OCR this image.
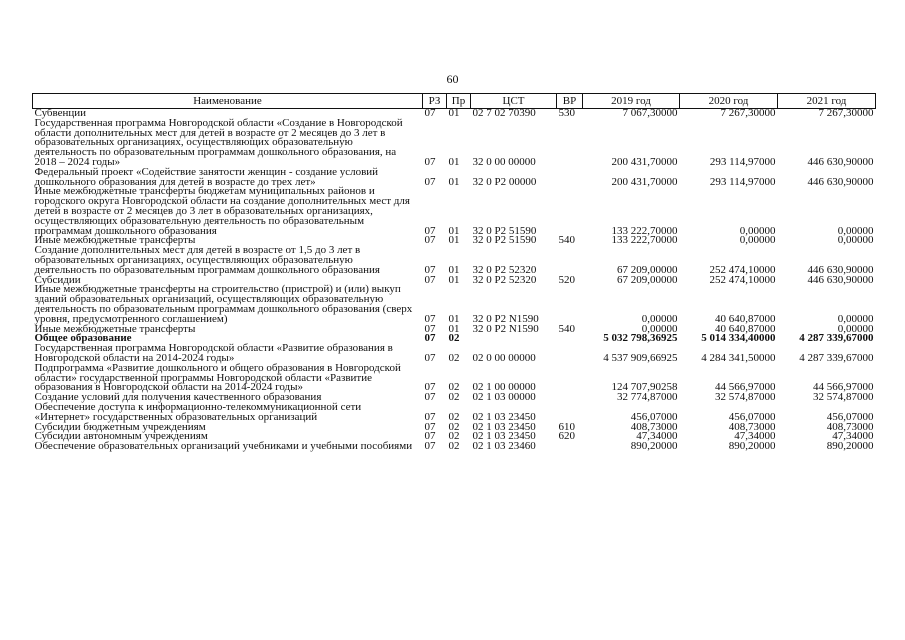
60
Наименование	РЗ	Пр	ЦСТ	ВР	2019 год	2020 год	2021 год
Субвенции	07	01	02 7 02 70390	530	7 067,30000	7 267,30000	7 267,30000
Государственная программа Новгородской области «Создание в Новгородской области дополнительных мест для детей в возрасте от 2 месяцев до 3 лет в образовательных организациях, осуществляющих образовательную деятельность по образовательным программам дошкольного образования, на 2018 – 2024 годы»	07	01	32 0 00 00000		200 431,70000	293 114,97000	446 630,90000
Федеральный проект «Содействие занятости женщин - создание условий дошкольного образования для детей в возрасте до трех лет»	07	01	32 0 P2 00000		200 431,70000	293 114,97000	446 630,90000
Иные межбюджетные трансферты бюджетам муниципальных районов и городского округа Новгородской области на создание дополнительных мест для детей в возрасте от 2 месяцев до 3 лет в образовательных организациях, осуществляющих образовательную деятельность по образовательным программам дошкольного образования	07	01	32 0 P2 51590		133 222,70000	0,00000	0,00000
Иные межбюджетные трансферты	07	01	32 0 P2 51590	540	133 222,70000	0,00000	0,00000
Создание дополнительных мест для детей в возрасте от 1,5 до 3 лет в образовательных организациях, осуществляющих образовательную деятельность по образовательным программам дошкольного образования	07	01	32 0 P2 52320		67 209,00000	252 474,10000	446 630,90000
Субсидии	07	01	32 0 P2 52320	520	67 209,00000	252 474,10000	446 630,90000
Иные межбюджетные трансферты на строительство (пристрой) и (или) выкуп зданий образовательных организаций, осуществляющих образовательную деятельность по образовательным программам дошкольного образования (сверх уровня, предусмотренного соглашением)	07	01	32 0 P2 N1590		0,00000	40 640,87000	0,00000
Иные межбюджетные трансферты	07	01	32 0 P2 N1590	540	0,00000	40 640,87000	0,00000
Общее образование	07	02			5 032 798,36925	5 014 334,40000	4 287 339,67000
Государственная программа Новгородской области «Развитие образования в Новгородской области на 2014-2024 годы»	07	02	02 0 00 00000		4 537 909,66925	4 284 341,50000	4 287 339,67000
Подпрограмма «Развитие дошкольного и общего образования в Новгородской области» государственной программы Новгородской области «Развитие образования в Новгородской области на 2014-2024 годы»	07	02	02 1 00 00000		124 707,90258	44 566,97000	44 566,97000
Создание условий для получения качественного образования	07	02	02 1 03 00000		32 774,87000	32 574,87000	32 574,87000
Обеспечение доступа к информационно-телекоммуникационной сети «Интернет» государственных образовательных организаций	07	02	02 1 03 23450		456,07000	456,07000	456,07000
Субсидии бюджетным учреждениям	07	02	02 1 03 23450	610	408,73000	408,73000	408,73000
Субсидии автономным учреждениям	07	02	02 1 03 23450	620	47,34000	47,34000	47,34000
Обеспечение образовательных организаций учебниками и учебными пособиями	07	02	02 1 03 23460		890,20000	890,20000	890,20000
